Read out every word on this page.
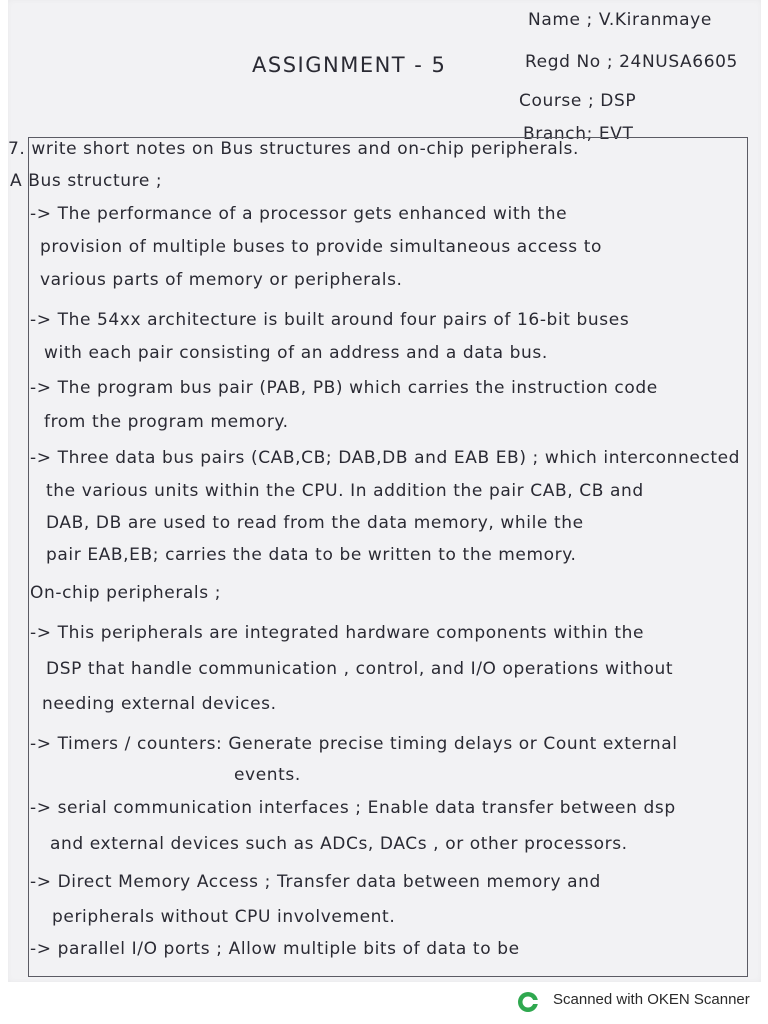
Name ; V.Kiranmaye
ASSIGNMENT - 5	Regd No ; 24NUSA6605
Course ; DSP
Branch; EVT
7. write short notes on Bus structures and on-chip peripherals.
A Bus structure ;
-> The performance of a processor gets enhanced with the
provision of multiple buses to provide simultaneous access to
various parts of memory or peripherals.
-> The 54xx architecture is built around four pairs of 16-bit buses
with each pair consisting of an address and a data bus.
-> The program bus pair (PAB, PB) which carries the instruction code
from the program memory.
-> Three data bus pairs (CAB,CB; DAB,DB and EAB EB) ; which interconnected
the various units within the CPU. In addition the pair CAB, CB and
DAB, DB are used to read from the data memory, while the
pair EAB,EB; carries the data to be written to the memory.
On-chip peripherals ;
-> This peripherals are integrated hardware components within the
DSP that handle communication , control, and I/O operations without
needing external devices.
-> Timers / counters: Generate precise timing delays or Count external
events.
-> serial communication interfaces ; Enable data transfer between dsp
and external devices such as ADCs, DACs , or other processors.
-> Direct Memory Access ; Transfer data between memory and
peripherals without CPU involvement.
-> parallel I/O ports ; Allow multiple bits of data to be
Scanned with OKEN Scanner
